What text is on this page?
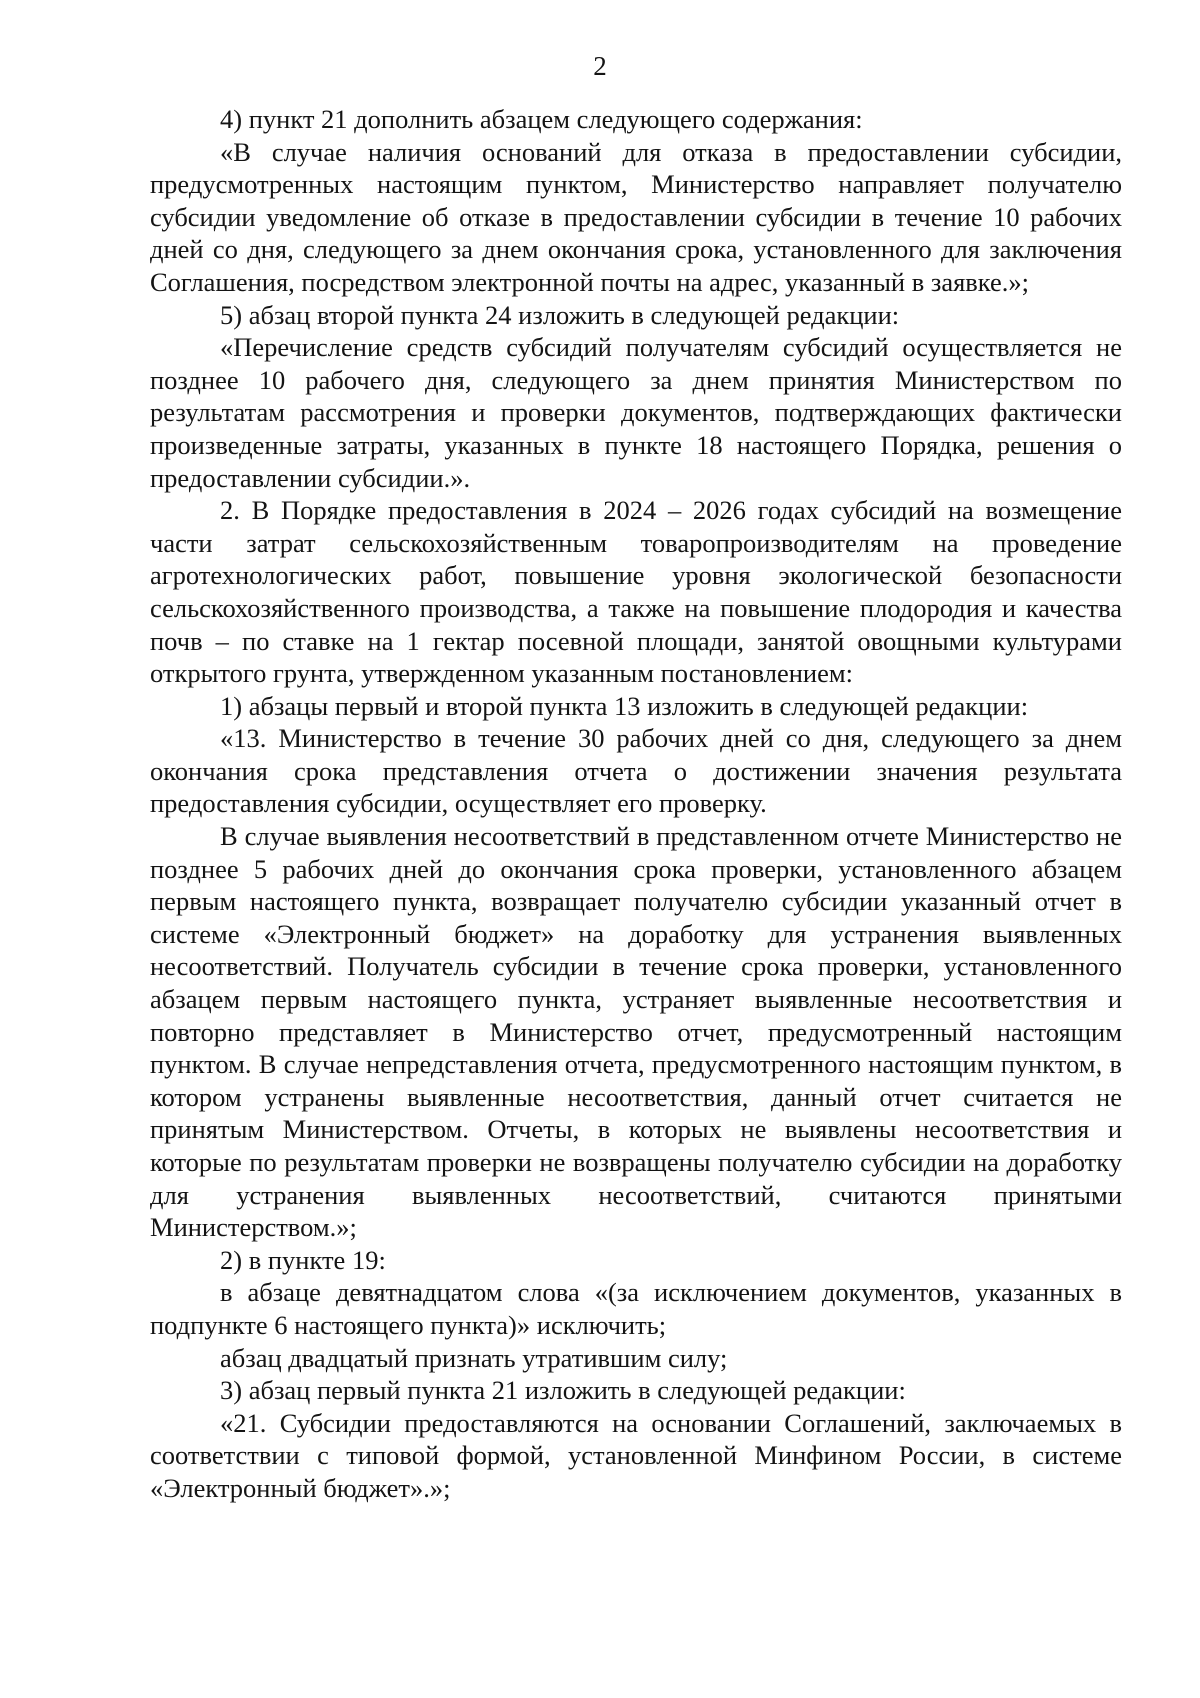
2

4) пункт 21 дополнить абзацем следующего содержания:

«В случае наличия оснований для отказа в предоставлении субсидии, предусмотренных настоящим пунктом, Министерство направляет получателю субсидии уведомление об отказе в предоставлении субсидии в течение 10 рабочих дней со дня, следующего за днем окончания срока, установленного для заключения Соглашения, посредством электронной почты на адрес, указанный в заявке.»;

5) абзац второй пункта 24 изложить в следующей редакции:

«Перечисление средств субсидий получателям субсидий осуществляется не позднее 10 рабочего дня, следующего за днем принятия Министерством по результатам рассмотрения и проверки документов, подтверждающих фактически произведенные затраты, указанных в пункте 18 настоящего Порядка, решения о предоставлении субсидии.».

2. В Порядке предоставления в 2024 – 2026 годах субсидий на возмещение части затрат сельскохозяйственным товаропроизводителям на проведение агротехнологических работ, повышение уровня экологической безопасности сельскохозяйственного производства, а также на повышение плодородия и качества почв – по ставке на 1 гектар посевной площади, занятой овощными культурами открытого грунта, утвержденном указанным постановлением:

1) абзацы первый и второй пункта 13 изложить в следующей редакции:

«13. Министерство в течение 30 рабочих дней со дня, следующего за днем окончания срока представления отчета о достижении значения результата предоставления субсидии, осуществляет его проверку.

В случае выявления несоответствий в представленном отчете Министерство не позднее 5 рабочих дней до окончания срока проверки, установленного абзацем первым настоящего пункта, возвращает получателю субсидии указанный отчет в системе «Электронный бюджет» на доработку для устранения выявленных несоответствий. Получатель субсидии в течение срока проверки, установленного абзацем первым настоящего пункта, устраняет выявленные несоответствия и повторно представляет в Министерство отчет, предусмотренный настоящим пунктом. В случае непредставления отчета, предусмотренного настоящим пунктом, в котором устранены выявленные несоответствия, данный отчет считается не принятым Министерством. Отчеты, в которых не выявлены несоответствия и которые по результатам проверки не возвращены получателю субсидии на доработку для устранения выявленных несоответствий, считаются принятыми Министерством.»;

2) в пункте 19:

в абзаце девятнадцатом слова «(за исключением документов, указанных в подпункте 6 настоящего пункта)» исключить;

абзац двадцатый признать утратившим силу;

3) абзац первый пункта 21 изложить в следующей редакции:

«21. Субсидии предоставляются на основании Соглашений, заключаемых в соответствии с типовой формой, установленной Минфином России, в системе «Электронный бюджет».»;
